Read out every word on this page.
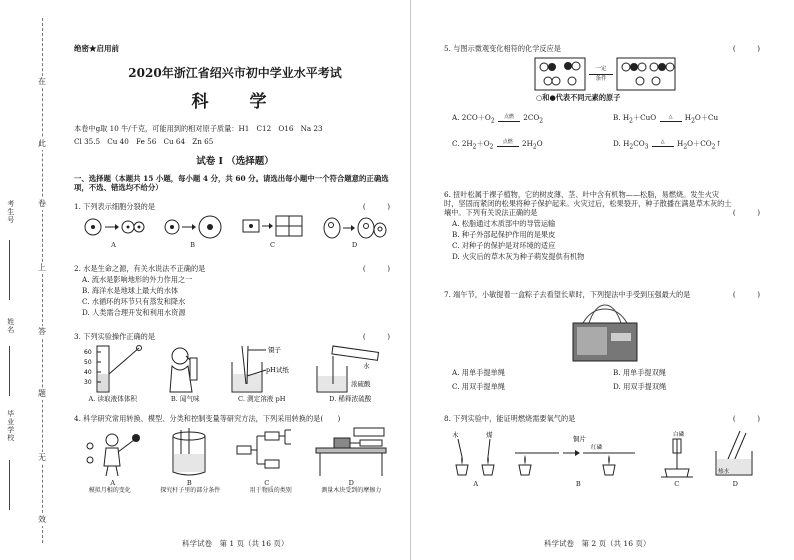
在
此
卷
上
答
题
无
效
考生号
姓名
毕业学校
绝密★启用前
2020年浙江省绍兴市初中学业水平考试
科　学

本卷中g取 10 牛/千克，可能用到的相对原子质量：H1　C12　O16　Na 23

Cl 35.5　Cu 40　Fe 56　Cu 64　Zn 65

试卷 I （选择题）
一、选择题（本题共 15 小题，每小题 4 分，共 60 分。请选出每小题中一个符合题意的正确选项，不选、错选均不给分）
1. 下列表示细胞分裂的是	(　　　)
A	B	C	D
2. 水是生命之源，有关水说法不正确的是	(　　　)

A. 流水是影响地形的外力作用之一

B. 海洋水是地球上最大的水体

C. 水循环的环节只有蒸发和降水

D. 人类需合理开发和利用水资源

3. 下列实验操作正确的是	(　　　)
60
50
40
30
A. 读取液体体积	B. 闻气味
镊子
pH试纸
C. 测定溶液 pH
水
浓硫酸
D. 稀释浓硫酸
4. 科学研究常用转换、模型、分类和控制变量等研究方法，下列采用转换的是(　　)
A	B	C	D
模拟月相的变化	探究杆子里的部分条件	用于物质的类别	测量木块受到的摩擦力
科学试卷　第 1 页（共 16 页）
5. 与图示微观变化相符的化学反应是	(　　　)
一定
条件
○和●代表不同元素的原子

A. $2CO+O_2$
点燃 $2CO_2$	B. $H_2+CuO$ △ $H_2O+Cu$

C. $2H_2+O_2$
点燃 $2H_2O$	D. $H_2CO_3$
△ $H_2O+CO_2↑$

6. 扭叶松属于裸子植物，它的树皮薄、茎、叶中含有机物——松脂，易燃烧。发生火灾时，坚固而紧闭的松果将种子保护起来。火灾过后，松果裂开，种子散播在满是草木灰的土壤中。下列有关说法正确的是	(　　　)

A. 松脂通过木质部中的导管运输

B. 种子外部起保护作用的是果皮

C. 对种子的保护是对环境的适应

D. 火灾后的草木灰为种子萌发提供有机物

7. 端午节，小敏提着一盒粽子去看望长辈时，下列提法中手受到压强最大的是	(　　　)

A. 用单手提单绳	B. 用单手提双绳

C. 用双手提单绳	D. 用双手提双绳

8. 下列实验中，能证明燃烧需要氧气的是	(　　　)
木	煤
A
铜片
红磷
B
白磷
C
热水
D
科学试卷　第 2 页（共 16 页）
